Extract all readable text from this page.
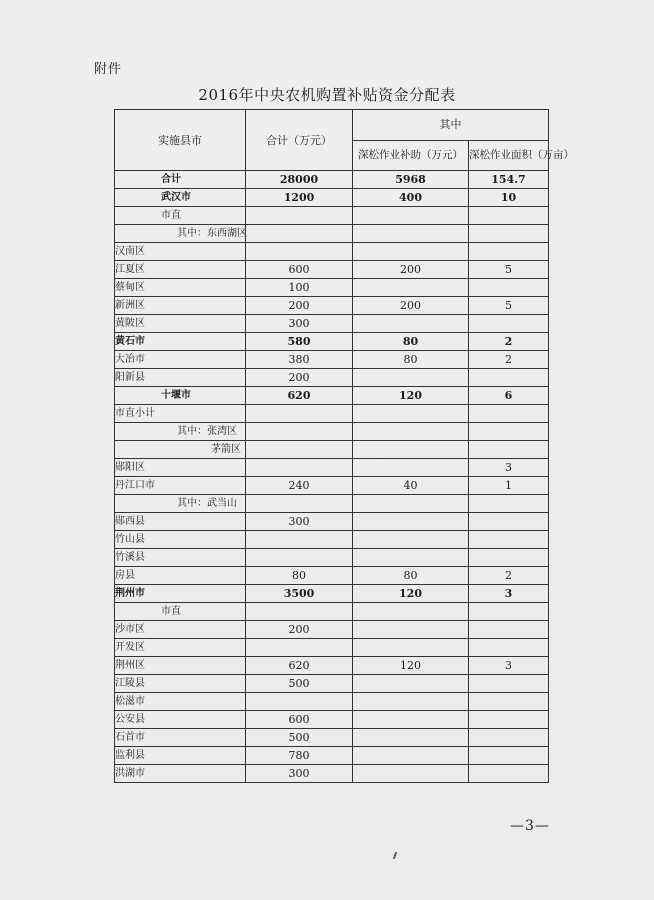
附件
2016年中央农机购置补贴资金分配表
实施县市	合计（万元）	其中	
		深松作业补助（万元）	深松作业面积（万亩）
合计	28000	5968	154.7
武汉市	1200	400	10
市直			
其中：东西湖区			
汉南区			
江夏区	600	200	5
蔡甸区	100		
新洲区	200	200	5
黄陂区	300		
黄石市	580	80	2
大冶市	380	80	2
阳新县	200		
十堰市	620	120	6
市直小计			
其中：张湾区			
茅箭区			
郧阳区			3
丹江口市	240	40	1
其中：武当山			
郧西县	300		
竹山县			
竹溪县			
房县	80	80	2
荆州市	3500	120	3
市直			
沙市区	200		
开发区			
荆州区	620	120	3
江陵县	500		
松滋市			
公安县	600		
石首市	500		
监利县	780		
洪湖市	300		
—3—
